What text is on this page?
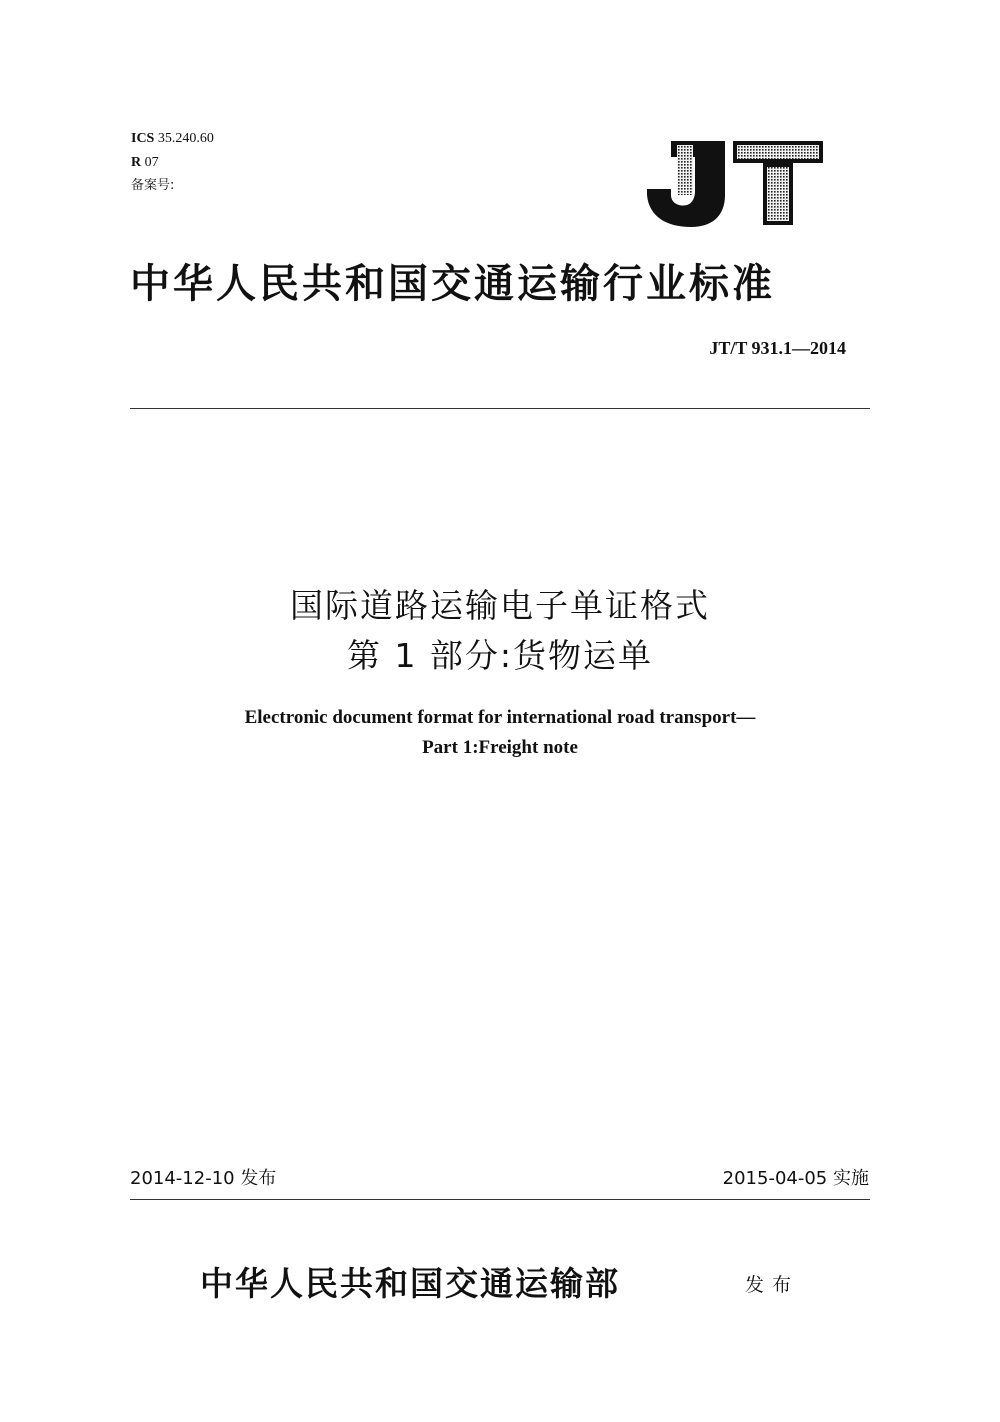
ICS 35.240.60
R 07
备案号:
中华人民共和国交通运输行业标准
JT/T 931.1—2014
国际道路运输电子单证格式
第 1 部分:货物运单
Electronic document format for international road transport—
Part 1:Freight note
2014-12-10 发布	2015-04-05 实施
中华人民共和国交通运输部	发布
